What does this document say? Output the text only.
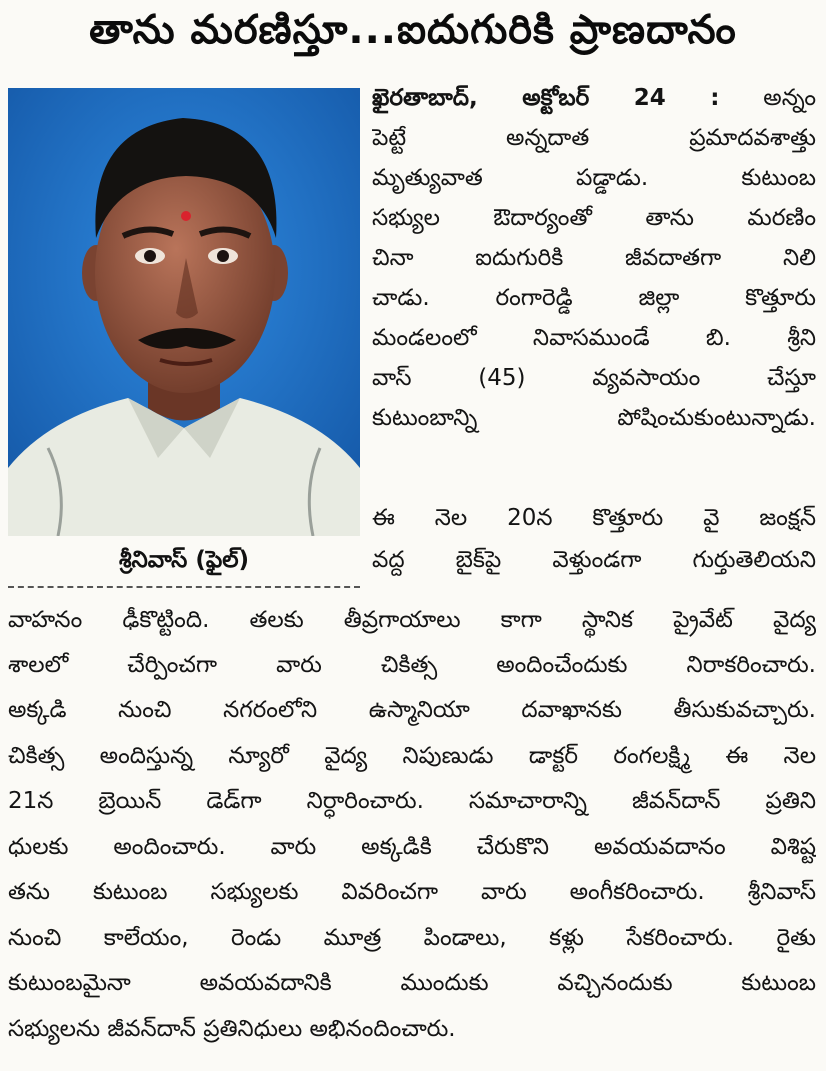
తాను మరణిస్తూ...ఐదుగురికి ప్రాణదానం
శ్రీనివాస్ (ఫైల్)

ఖైరతాబాద్, అక్టోబర్ 24 : అన్నం

పెట్టే అన్నదాత ప్రమాదవశాత్తు

మృత్యువాత పడ్డాడు. కుటుంబ

సభ్యుల ఔదార్యంతో తాను మరణిం

చినా ఐదుగురికి జీవదాతగా నిలి

చాడు. రంగారెడ్డి జిల్లా కొత్తూరు

మండలంలో నివాసముండే బి. శ్రీని

వాస్ (45) వ్యవసాయం చేస్తూ

కుటుంబాన్ని పోషించుకుంటున్నాడు.

ఈ నెల 20న కొత్తూరు వై జంక్షన్

వద్ద బైక్‌పై వెళ్తుండగా గుర్తుతెలియని

వాహనం ఢీకొట్టింది. తలకు తీవ్రగాయాలు కాగా స్థానిక ప్రైవేట్ వైద్య

శాలలో చేర్పించగా వారు చికిత్స అందించేందుకు నిరాకరించారు.

అక్కడి నుంచి నగరంలోని ఉస్మానియా దవాఖానకు తీసుకువచ్చారు.

చికిత్స అందిస్తున్న న్యూరో వైద్య నిపుణుడు డాక్టర్ రంగలక్ష్మి ఈ నెల

21న బ్రెయిన్ డెడ్‌గా నిర్ధారించారు. సమాచారాన్ని జీవన్‌దాన్ ప్రతిని

ధులకు అందించారు. వారు అక్కడికి చేరుకొని అవయవదానం విశిష్ట

తను కుటుంబ సభ్యులకు వివరించగా వారు అంగీకరించారు. శ్రీనివాస్

నుంచి కాలేయం, రెండు మూత్ర పిండాలు, కళ్లు సేకరించారు. రైతు

కుటుంబమైనా అవయవదానికి ముందుకు వచ్చినందుకు కుటుంబ

సభ్యులను జీవన్‌దాన్ ప్రతినిధులు అభినందించారు.
